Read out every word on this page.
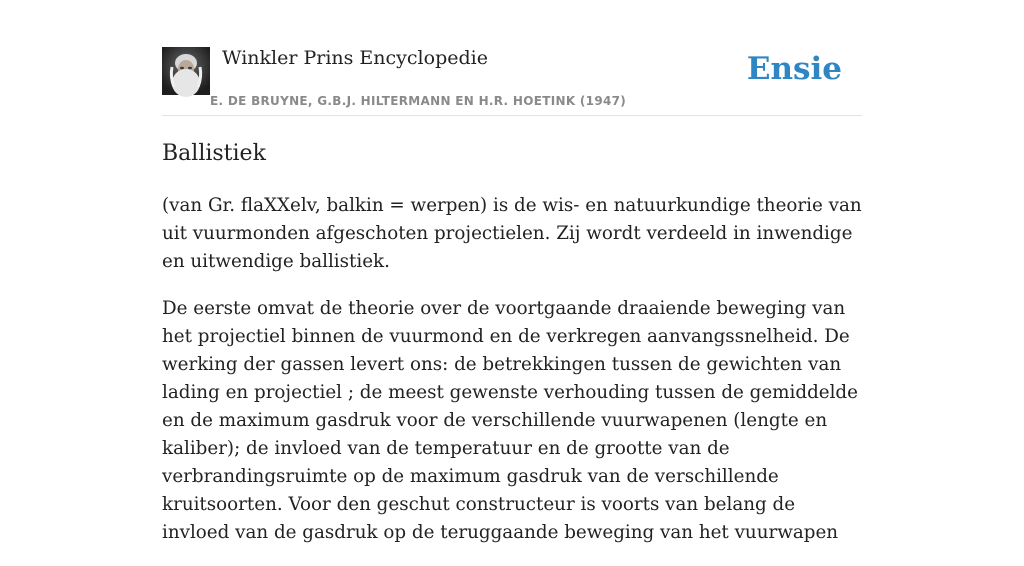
Winkler Prins Encyclopedie
E. DE BRUYNE, G.B.J. HILTERMANN EN H.R. HOETINK (1947)
Ensie
Ballistiek

(van Gr. flaXXelv, balkin = werpen) is de wis- en natuurkundige theorie van uit vuurmonden afgeschoten projectielen. Zij wordt verdeeld in inwendige en uitwendige ballistiek.

De eerste omvat de theorie over de voortgaande draaiende beweging van het projectiel binnen de vuurmond en de verkregen aanvangssnelheid. De werking der gassen levert ons: de betrekkingen tussen de gewichten van lading en projectiel ; de meest gewenste verhouding tussen de gemiddelde en de maximum gasdruk voor de verschillende vuurwapenen (lengte en kaliber); de invloed van de temperatuur en de grootte van de verbrandingsruimte op de maximum gasdruk van de verschillende kruitsoorten. Voor den geschut constructeur is voorts van belang de invloed van de gasdruk op de teruggaande beweging van het vuurwapen
